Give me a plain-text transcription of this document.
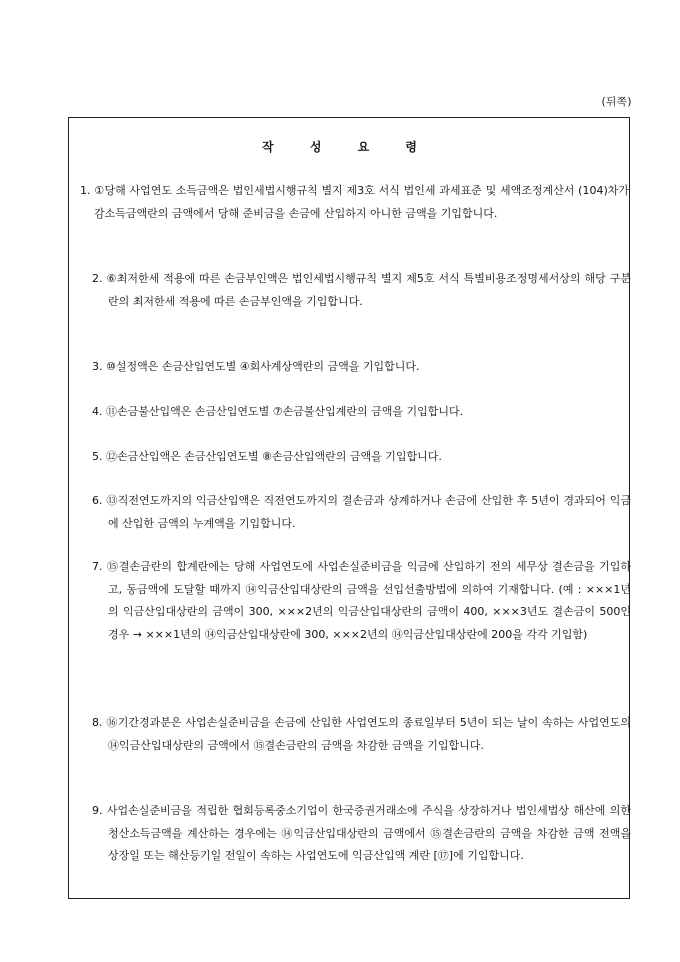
(뒤쪽)
작 성 요 령
1. ①당해 사업연도 소득금액은 법인세법시행규칙 별지 제3호 서식 법인세 과세표준 및 세액조정계산서 (104)차가감소득금액란의 금액에서 당해 준비금을 손금에 산입하지 아니한 금액을 기입합니다.
2. ⑥최저한세 적용에 따른 손금부인액은 법인세법시행규칙 별지 제5호 서식 특별비용조정명세서상의 해당 구분란의 최저한세 적용에 따른 손금부인액을 기입합니다.
3. ⑩설정액은 손금산입연도별 ④회사계상액란의 금액을 기입합니다.
4. ⑪손금불산입액은 손금산입연도별 ⑦손금불산입계란의 금액을 기입합니다.
5. ⑫손금산입액은 손금산입연도별 ⑧손금산입액란의 금액을 기입합니다.
6. ⑬직전연도까지의 익금산입액은 직전연도까지의 결손금과 상계하거나 손금에 산입한 후 5년이 경과되어 익금에 산입한 금액의 누계액을 기입합니다.
7. ⑮결손금란의 합계란에는 당해 사업연도에 사업손실준비금을 익금에 산입하기 전의 세무상 결손금을 기입하고, 동금액에 도달할 때까지 ⑭익금산입대상란의 금액을 선입선출방법에 의하여 기재합니다. (예 : ×××1년의 익금산입대상란의 금액이 300, ×××2년의 익금산입대상란의 금액이 400, ×××3년도 결손금이 500인 경우 → ×××1년의 ⑭익금산입대상란에 300, ×××2년의 ⑭익금산입대상란에 200을 각각 기입함)
8. ⑯기간경과분은 사업손실준비금을 손금에 산입한 사업연도의 종료일부터 5년이 되는 날이 속하는 사업연도의 ⑭익금산입대상란의 금액에서 ⑮결손금란의 금액을 차감한 금액을 기입합니다.
9. 사업손실준비금을 적립한 협회등록중소기업이 한국증권거래소에 주식을 상장하거나 법인세법상 해산에 의한 청산소득금액을 계산하는 경우에는 ⑭익금산입대상란의 금액에서 ⑮결손금란의 금액을 차감한 금액 전액을 상장일 또는 해산등기일 전일이 속하는 사업연도에 익금산입액 계란 [⑰]에 기입합니다.
